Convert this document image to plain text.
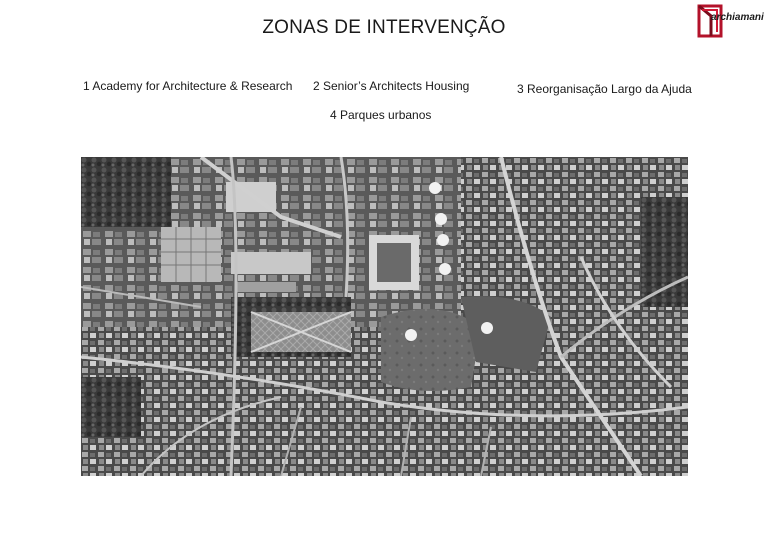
ZONAS DE INTERVENÇÃO	archiamani
1 Academy for Architecture & Research 2 Senior’s Architects Housing	3 Reorganisação Largo da Ajuda
4 Parques urbanos
